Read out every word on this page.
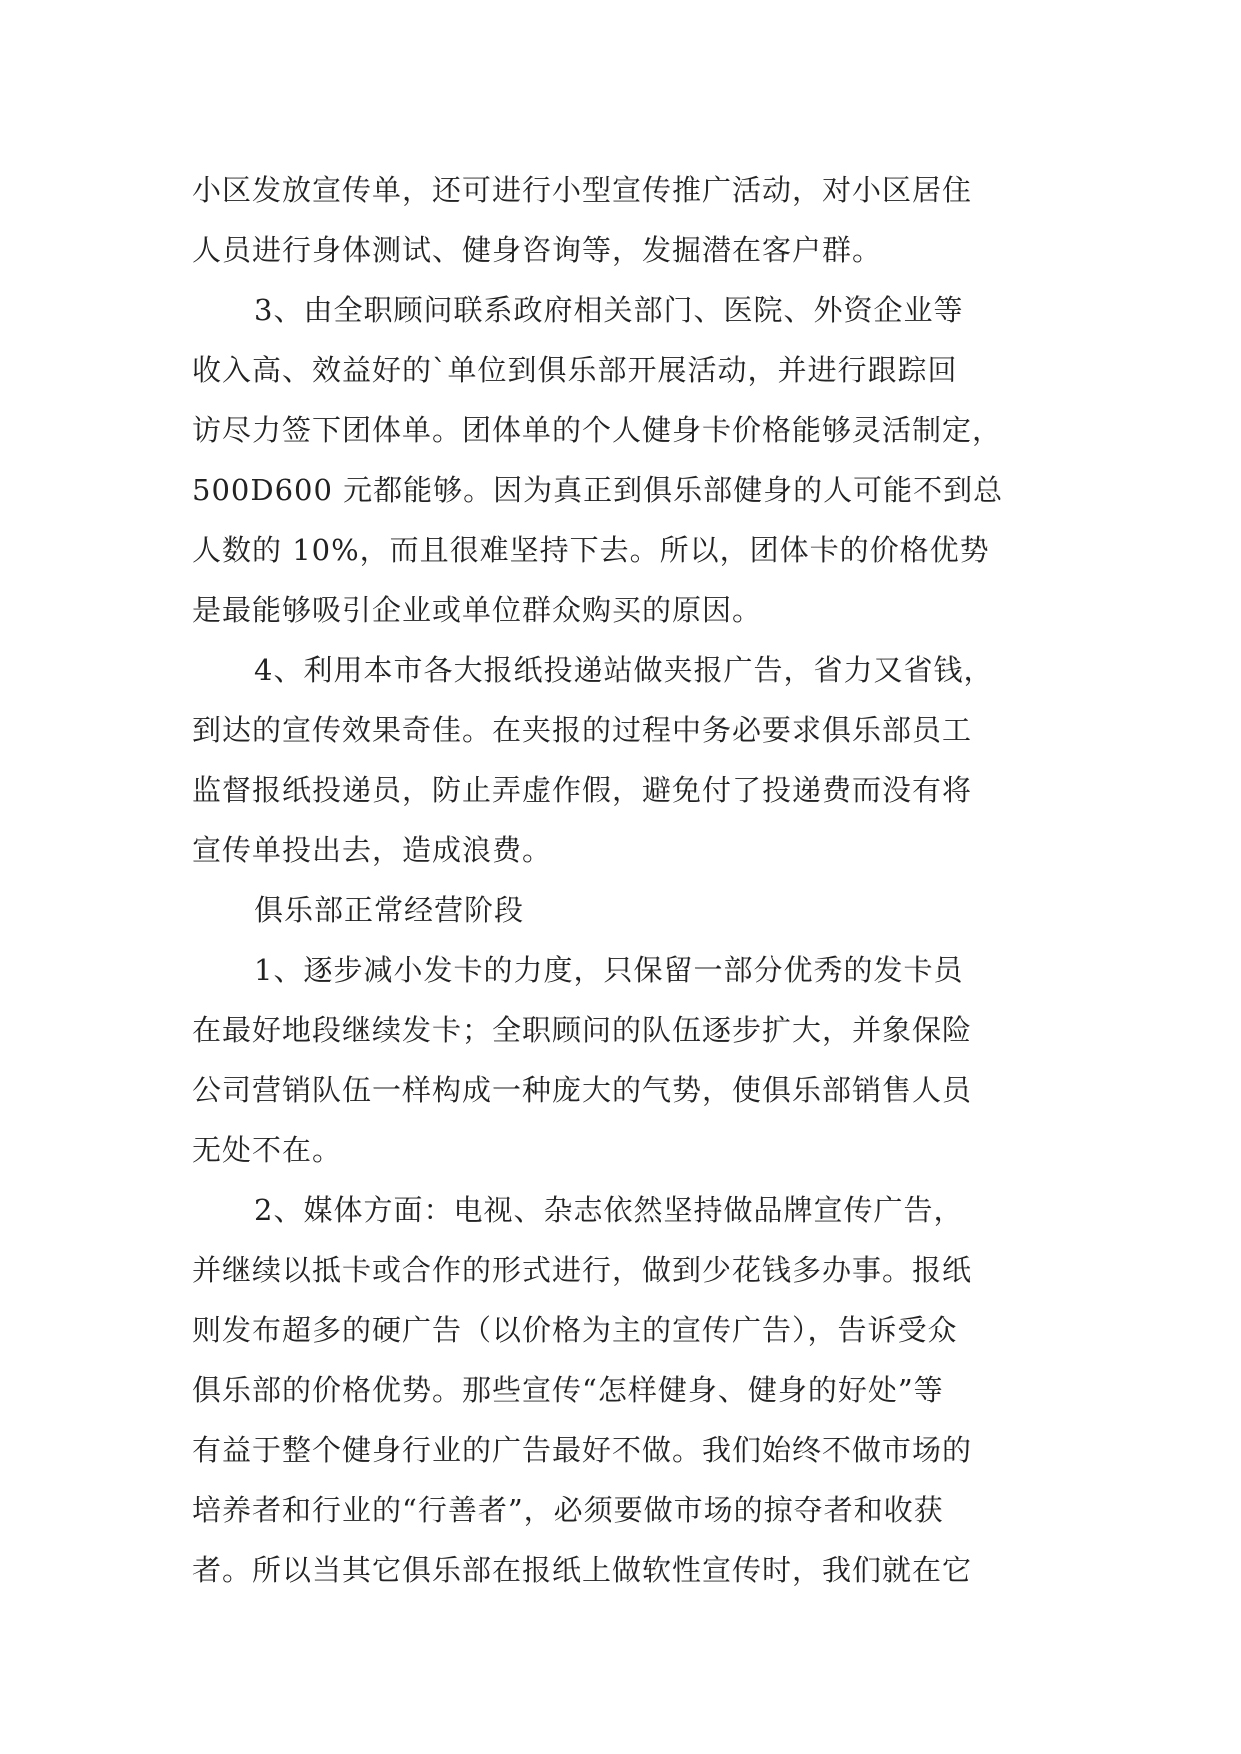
小区发放宣传单，还可进行小型宣传推广活动，对小区居住
人员进行身体测试、健身咨询等，发掘潜在客户群。
3、由全职顾问联系政府相关部门、医院、外资企业等
收入高、效益好的`单位到俱乐部开展活动，并进行跟踪回
访尽力签下团体单。团体单的个人健身卡价格能够灵活制定，
500D600 元都能够。因为真正到俱乐部健身的人可能不到总
人数的 10%，而且很难坚持下去。所以，团体卡的价格优势
是最能够吸引企业或单位群众购买的原因。
4、利用本市各大报纸投递站做夹报广告，省力又省钱，
到达的宣传效果奇佳。在夹报的过程中务必要求俱乐部员工
监督报纸投递员，防止弄虚作假，避免付了投递费而没有将
宣传单投出去，造成浪费。
俱乐部正常经营阶段
1、逐步减小发卡的力度，只保留一部分优秀的发卡员
在最好地段继续发卡；全职顾问的队伍逐步扩大，并象保险
公司营销队伍一样构成一种庞大的气势，使俱乐部销售人员
无处不在。
2、媒体方面：电视、杂志依然坚持做品牌宣传广告，
并继续以抵卡或合作的形式进行，做到少花钱多办事。报纸
则发布超多的硬广告（以价格为主的宣传广告），告诉受众
俱乐部的价格优势。那些宣传“怎样健身、健身的好处”等
有益于整个健身行业的广告最好不做。我们始终不做市场的
培养者和行业的“行善者”，必须要做市场的掠夺者和收获
者。所以当其它俱乐部在报纸上做软性宣传时，我们就在它
